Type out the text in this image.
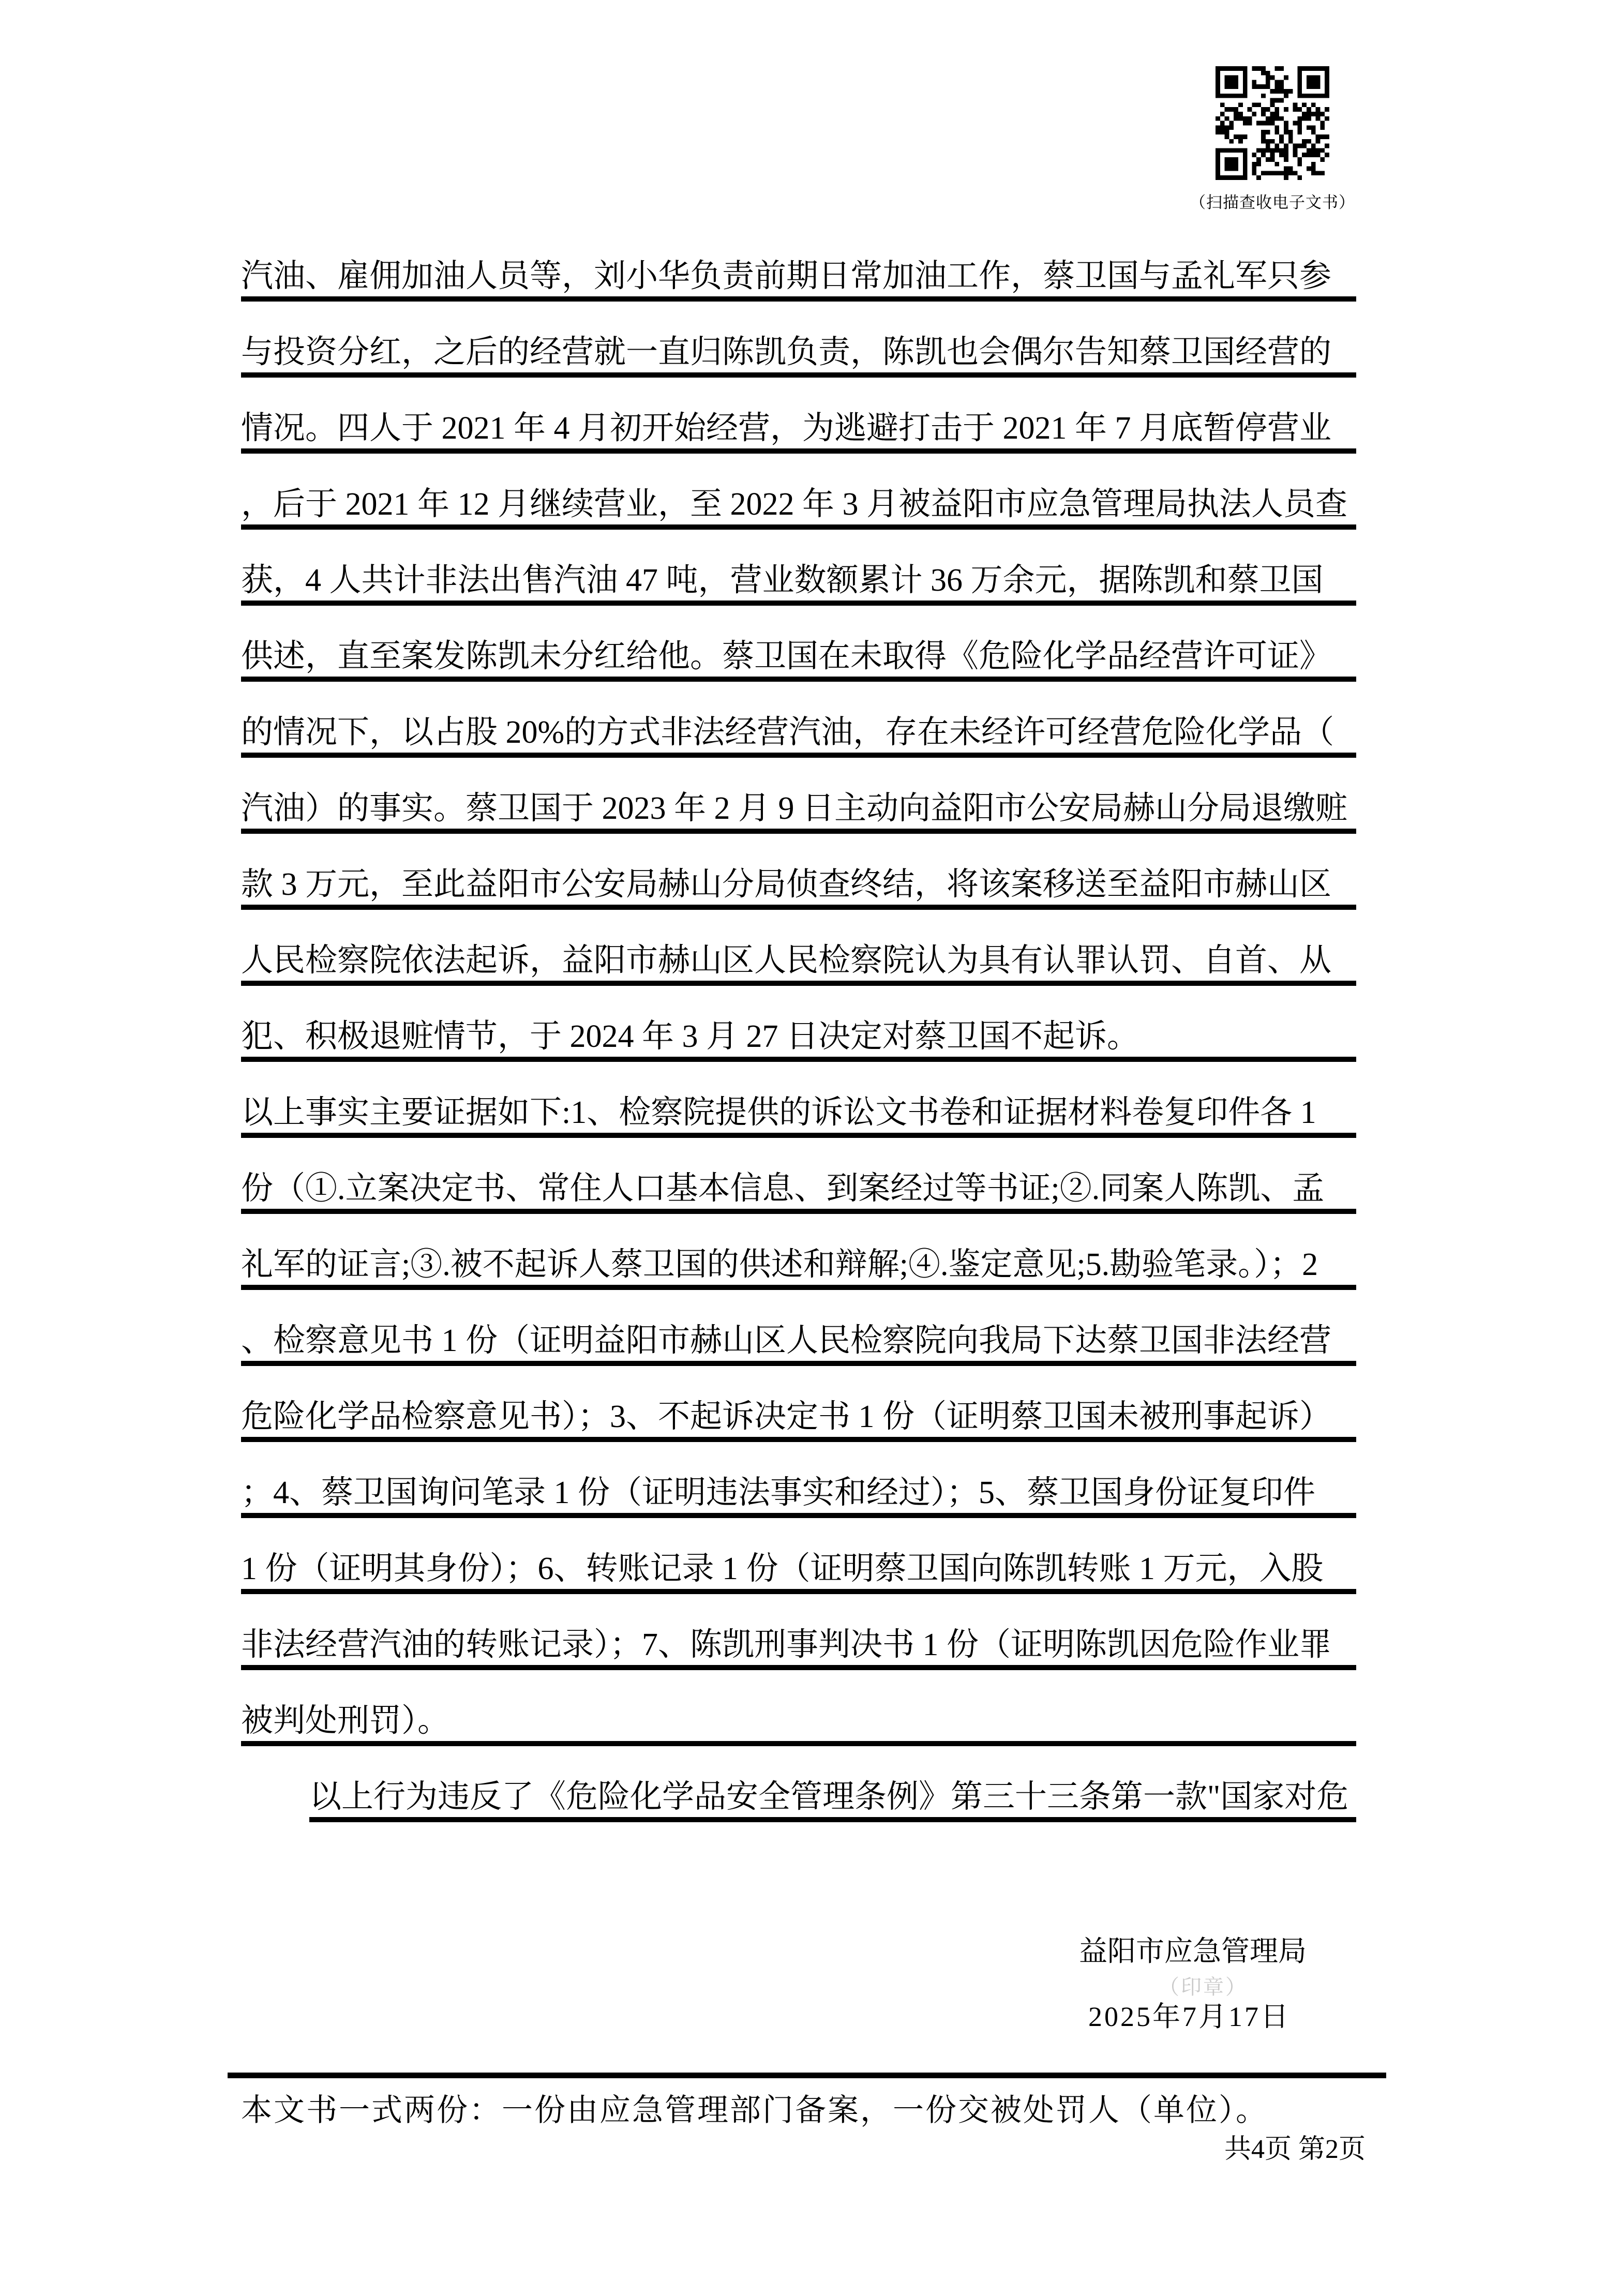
（扫描查收电子文书）
汽油、雇佣加油人员等，刘小华负责前期日常加油工作，蔡卫国与孟礼军只参
与投资分红，之后的经营就一直归陈凯负责，陈凯也会偶尔告知蔡卫国经营的
情况。四人于 2021 年 4 月初开始经营，为逃避打击于 2021 年 7 月底暂停营业
，后于 2021 年 12 月继续营业，至 2022 年 3 月被益阳市应急管理局执法人员查
获，4 人共计非法出售汽油 47 吨，营业数额累计 36 万余元，据陈凯和蔡卫国
供述，直至案发陈凯未分红给他。蔡卫国在未取得《危险化学品经营许可证》
的情况下，以占股 20%的方式非法经营汽油，存在未经许可经营危险化学品（
汽油）的事实。蔡卫国于 2023 年 2 月 9 日主动向益阳市公安局赫山分局退缴赃
款 3 万元，至此益阳市公安局赫山分局侦查终结，将该案移送至益阳市赫山区
人民检察院依法起诉，益阳市赫山区人民检察院认为具有认罪认罚、自首、从
犯、积极退赃情节，于 2024 年 3 月 27 日决定对蔡卫国不起诉。
以上事实主要证据如下:1、检察院提供的诉讼文书卷和证据材料卷复印件各 1
份（①.立案决定书、常住人口基本信息、到案经过等书证;②.同案人陈凯、孟
礼军的证言;③.被不起诉人蔡卫国的供述和辩解;④.鉴定意见;5.勘验笔录。）；2
、检察意见书 1 份（证明益阳市赫山区人民检察院向我局下达蔡卫国非法经营
危险化学品检察意见书）；3、不起诉决定书 1 份（证明蔡卫国未被刑事起诉）
；4、蔡卫国询问笔录 1 份（证明违法事实和经过）；5、蔡卫国身份证复印件
1 份（证明其身份）；6、转账记录 1 份（证明蔡卫国向陈凯转账 1 万元，入股
非法经营汽油的转账记录）；7、陈凯刑事判决书 1 份（证明陈凯因危险作业罪
被判处刑罚）。
以上行为违反了《危险化学品安全管理条例》第三十三条第一款"国家对危
益阳市应急管理局
（印章）
2025年7月17日
本文书一式两份：一份由应急管理部门备案，一份交被处罚人（单位）。
共4页 第2页
